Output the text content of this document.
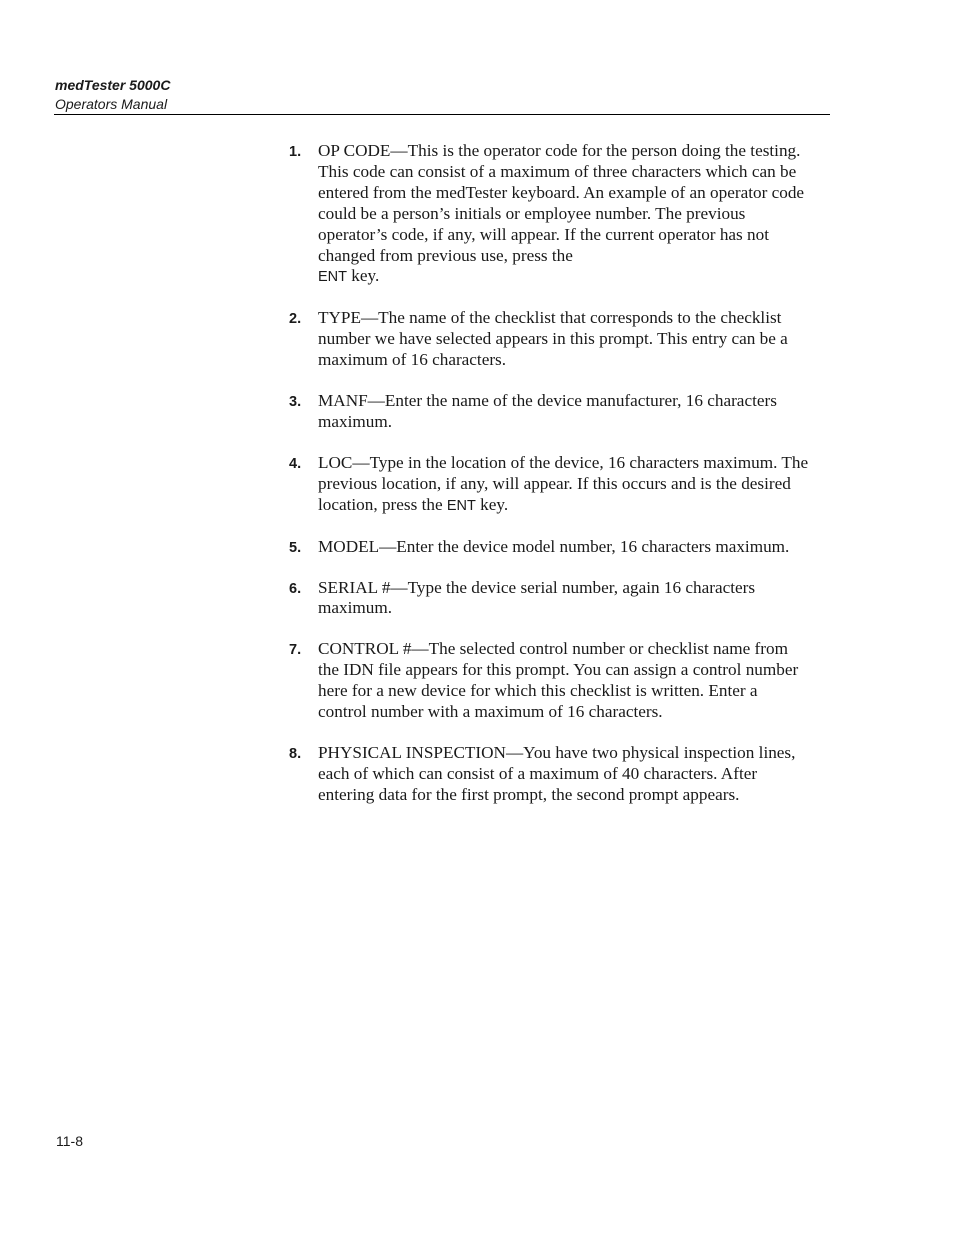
medTester 5000C
Operators Manual
1. OP CODE—This is the operator code for the person doing the testing. This code can consist of a maximum of three characters which can be entered from the medTester keyboard. An example of an operator code could be a person’s initials or employee number. The previous operator’s code, if any, will appear. If the current operator has not changed from previous use, press the
ENT key.
2. TYPE—The name of the checklist that corresponds to the checklist number we have selected appears in this prompt. This entry can be a maximum of 16 characters.
3. MANF—Enter the name of the device manufacturer, 16 characters maximum.
4. LOC—Type in the location of the device, 16 characters maximum. The previous location, if any, will appear. If this occurs and is the desired location, press the ENT key.
5. MODEL—Enter the device model number, 16 characters maximum.
6. SERIAL #—Type the device serial number, again 16 characters maximum.
7. CONTROL #—The selected control number or checklist name from the IDN file appears for this prompt. You can assign a control number here for a new device for which this checklist is written. Enter a control number with a maximum of 16 characters.
8. PHYSICAL INSPECTION—You have two physical inspection lines, each of which can consist of a maximum of 40 characters. After entering data for the first prompt, the second prompt appears.
11-8
